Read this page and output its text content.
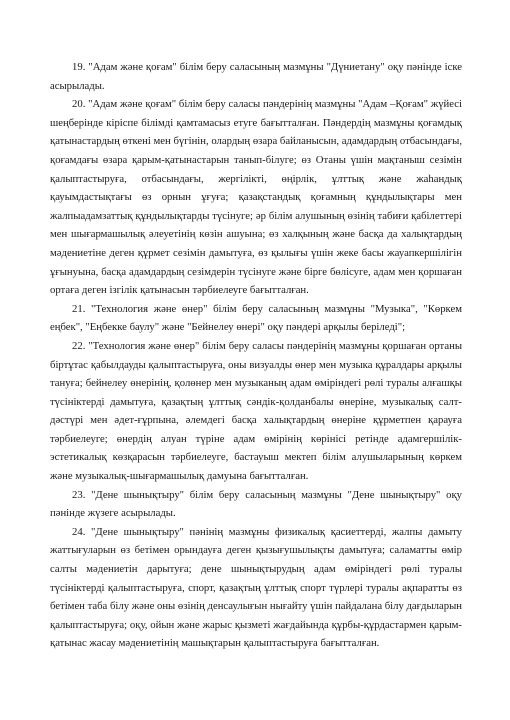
19. "Адам және қоғам" білім беру саласының мазмұны "Дүниетану" оқу пәнінде іске асырылады.

20. "Адам және қоғам" білім беру саласы пәндерінің мазмұны "Адам –Қоғам" жүйесі шеңберінде кіріспе білімді қамтамасыз етуге бағытталған. Пәндердің мазмұны қоғамдық қатынастардың өткені мен бүгінін, олардың өзара байланысын, адамдардың отбасындағы, қоғамдағы өзара қарым-қатынастарын танып-білуге; өз Отаны үшін мақтаныш сезімін қалыптастыруға, отбасындағы, жергіліктi, өңірлік, ұлттық және жаһандық қауымдастықтағы өз орнын ұғуға; қазақстандық қоғамның құндылықтары мен жалпыадамзаттық құндылықтарды түсінуге; әр білім алушының өзінің табиғи қабілеттері мен шығармашылық әлеуетінің көзін ашуына; өз халқының және басқа да халықтардың мәдениетіне деген құрмет сезімін дамытуға, өз қылығы үшін жеке басы жауапкершілігін ұғынуына, басқа адамдардың сезімдерін түсінуге және бірге бөлісуге, адам мен қоршаған ортаға деген ізгілік қатынасын тәрбиелеуге бағытталған.

21. "Технология және өнер" білім беру саласының мазмұны "Музыка", "Көркем еңбек", "Еңбекке баулу" және "Бейнелеу өнері" оқу пәндері арқылы беріледі";

22. "Технология және өнер" білім беру саласы пәндерінің мазмұны қоршаған ортаны біртұтас қабылдауды қалыптастыруға, оны визуалды өнер мен музыка құралдары арқылы тануға; бейнелеу өнерінің, қолөнер мен музыканың адам өміріндегі рөлі туралы алғашқы түсініктерді дамытуға, қазақтың ұлттық сәндік-қолданбалы өнеріне, музыкалық салт-дәстүрі мен әдет-ғұрпына, әлемдегі басқа халықтардың өнеріне құрметпен қарауға тәрбиелеуге; өнердің алуан түріне адам өмірінің көрінісі ретінде адамгершілік-эстетикалық көзқарасын тәрбиелеуге, бастауыш мектеп білім алушыларының көркем және музыкалық-шығармашылық дамуына бағытталған.

23. "Дене шынықтыру" білім беру саласының мазмұны "Дене шынықтыру" оқу пәнінде жүзеге асырылады.

24. "Дене шынықтыру" пәнінің мазмұны физикалық қасиеттерді, жалпы дамыту жаттығуларын өз бетімен орындауға деген қызығушылықты дамытуға; саламатты өмір салты мәдениетін дарытуға; дене шынықтырудың адам өміріндегі рөлі туралы түсініктерді қалыптастыруға, спорт, қазақтың ұлттық спорт түрлері туралы ақпаратты өз бетімен таба білу және оны өзінің денсаулығын нығайту үшін пайдалана білу дағдыларын қалыптастыруға; оқу, ойын және жарыс қызметі жағдайында құрбы-құрдастармен қарым-қатынас жасау мәдениетінің машықтарын қалыптастыруға бағытталған.
